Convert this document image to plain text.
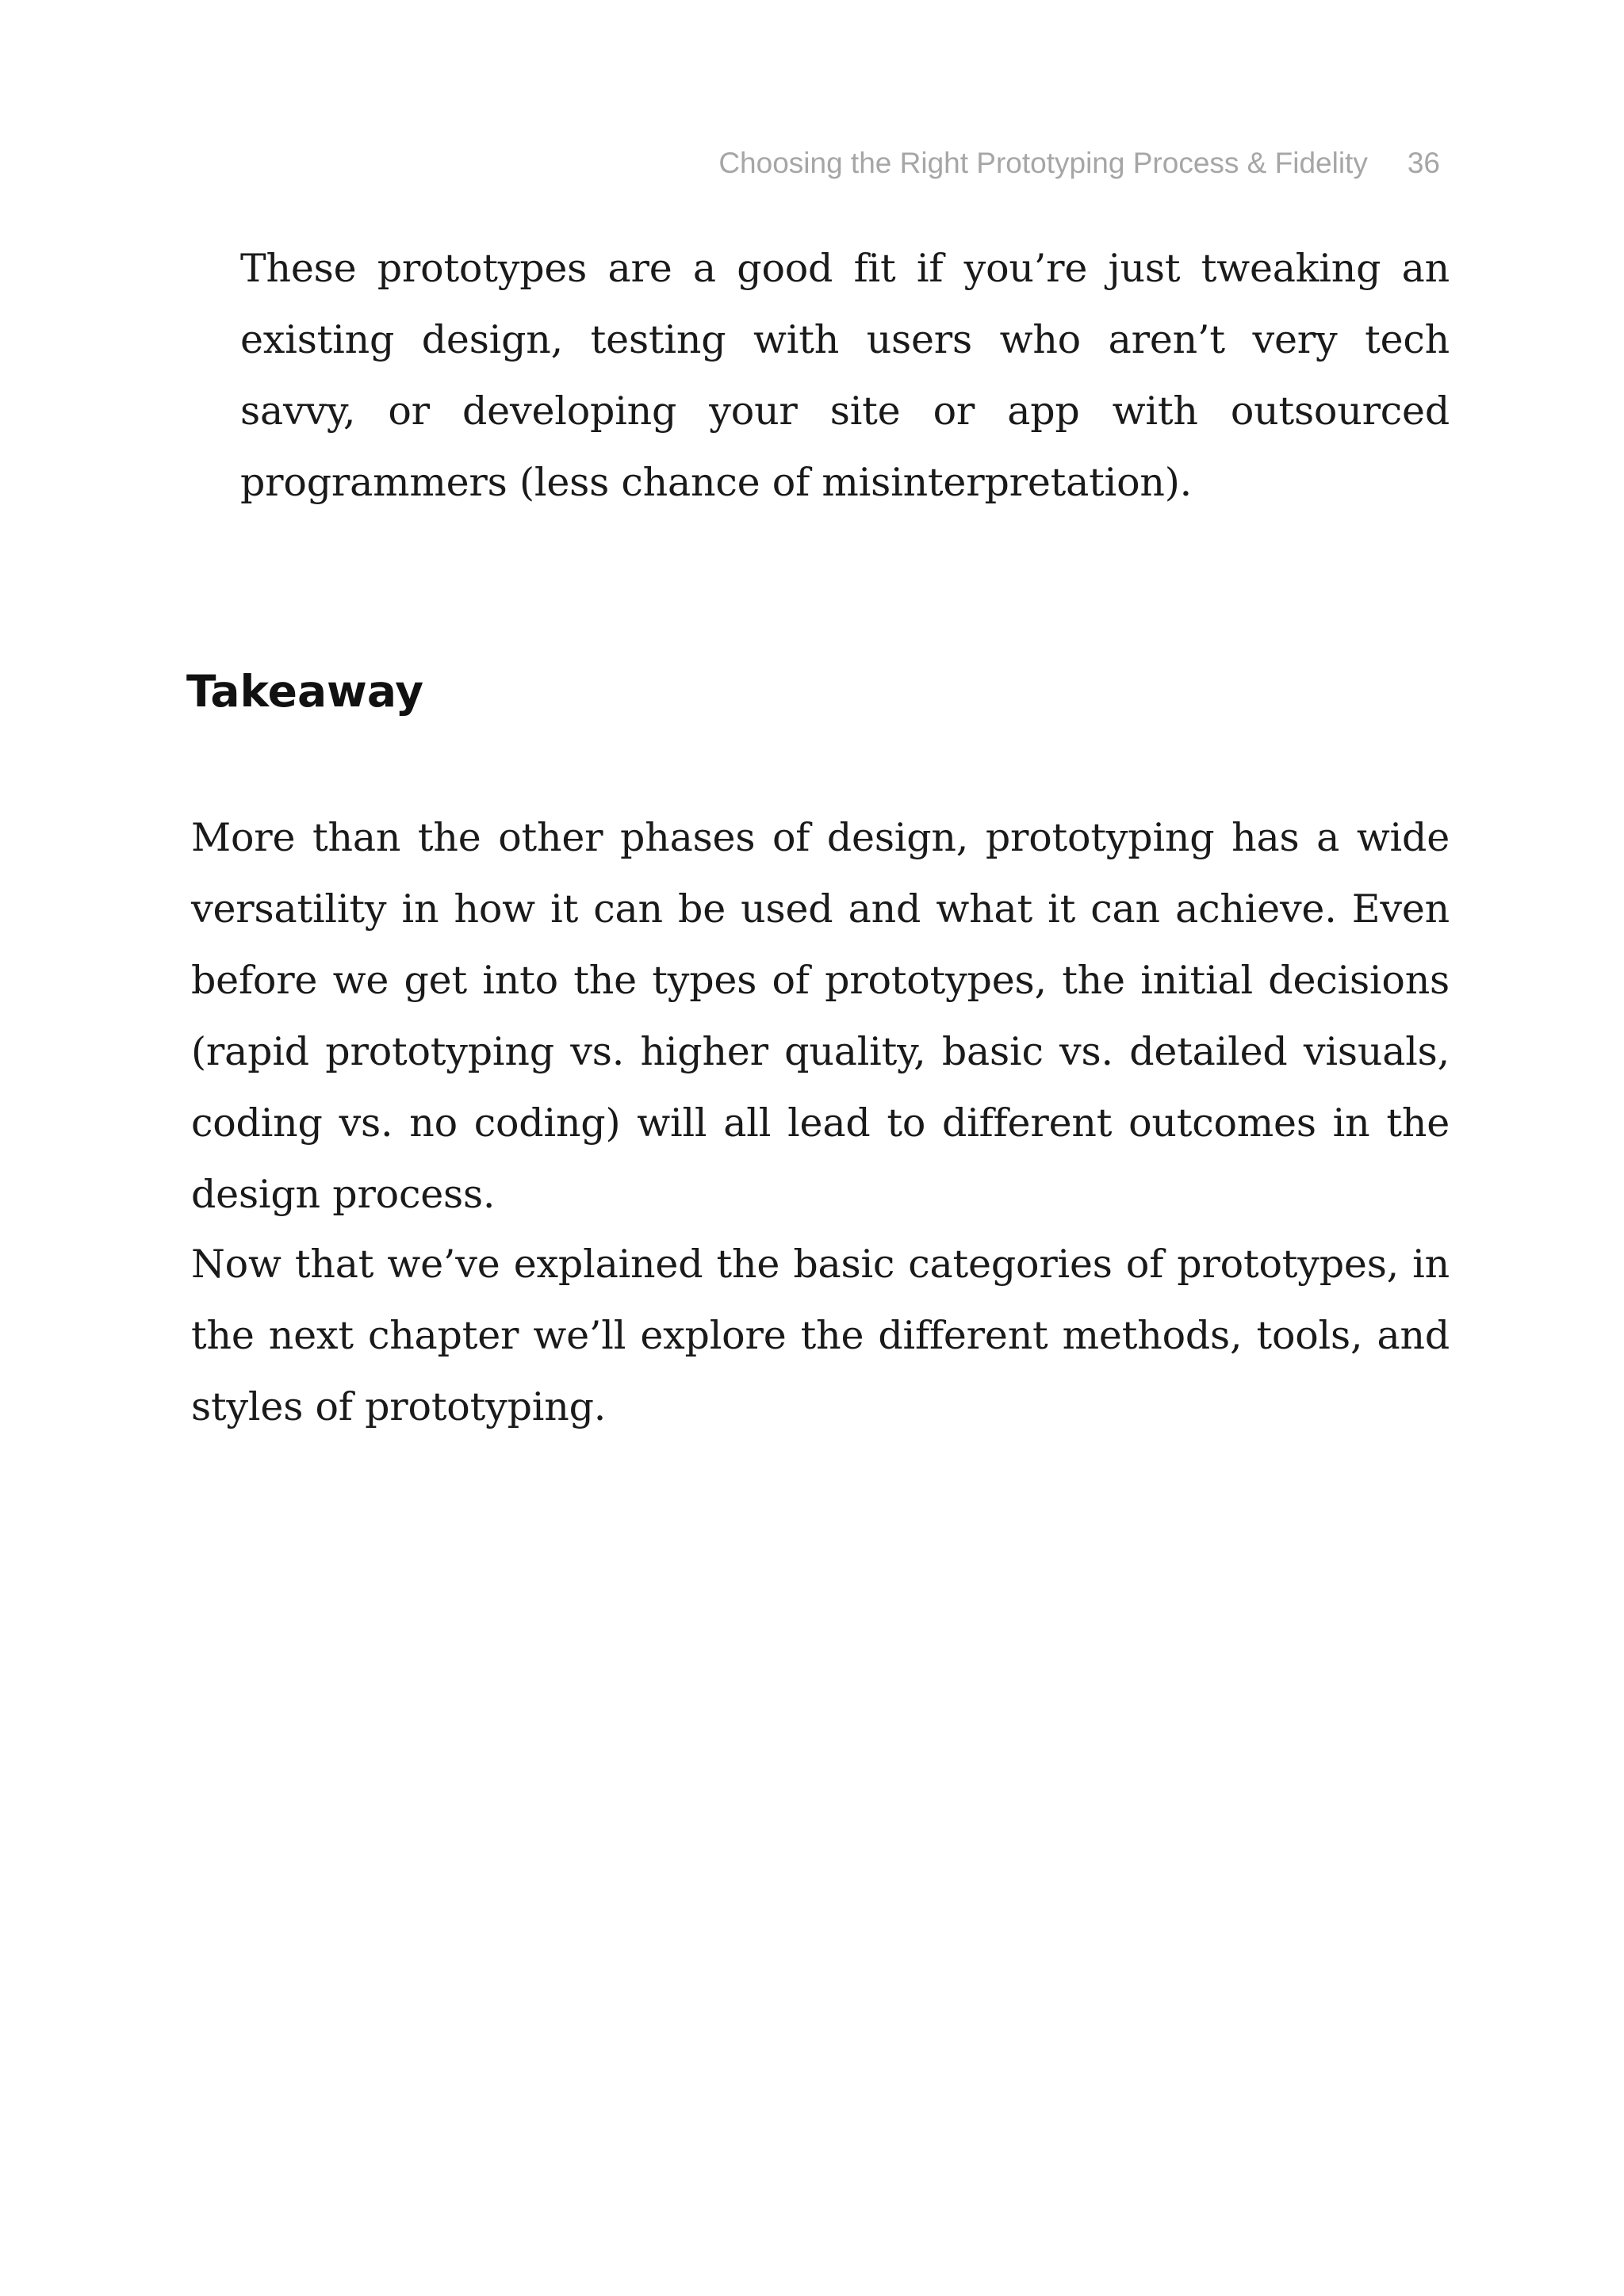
Choosing the Right Prototyping Process & Fidelity 36

These prototypes are a good fit if you’re just tweaking an existing design, testing with users who aren’t very tech savvy, or developing your site or app with outsourced programmers (less chance of misinterpretation).

Takeaway

More than the other phases of design, prototyping has a wide versatility in how it can be used and what it can achieve. Even before we get into the types of prototypes, the initial decisions (rapid prototyping vs. higher quality, basic vs. detailed visuals, coding vs. no coding) will all lead to different outcomes in the design process.

Now that we’ve explained the basic categories of prototypes, in the next chapter we’ll explore the different methods, tools, and styles of prototyping.
